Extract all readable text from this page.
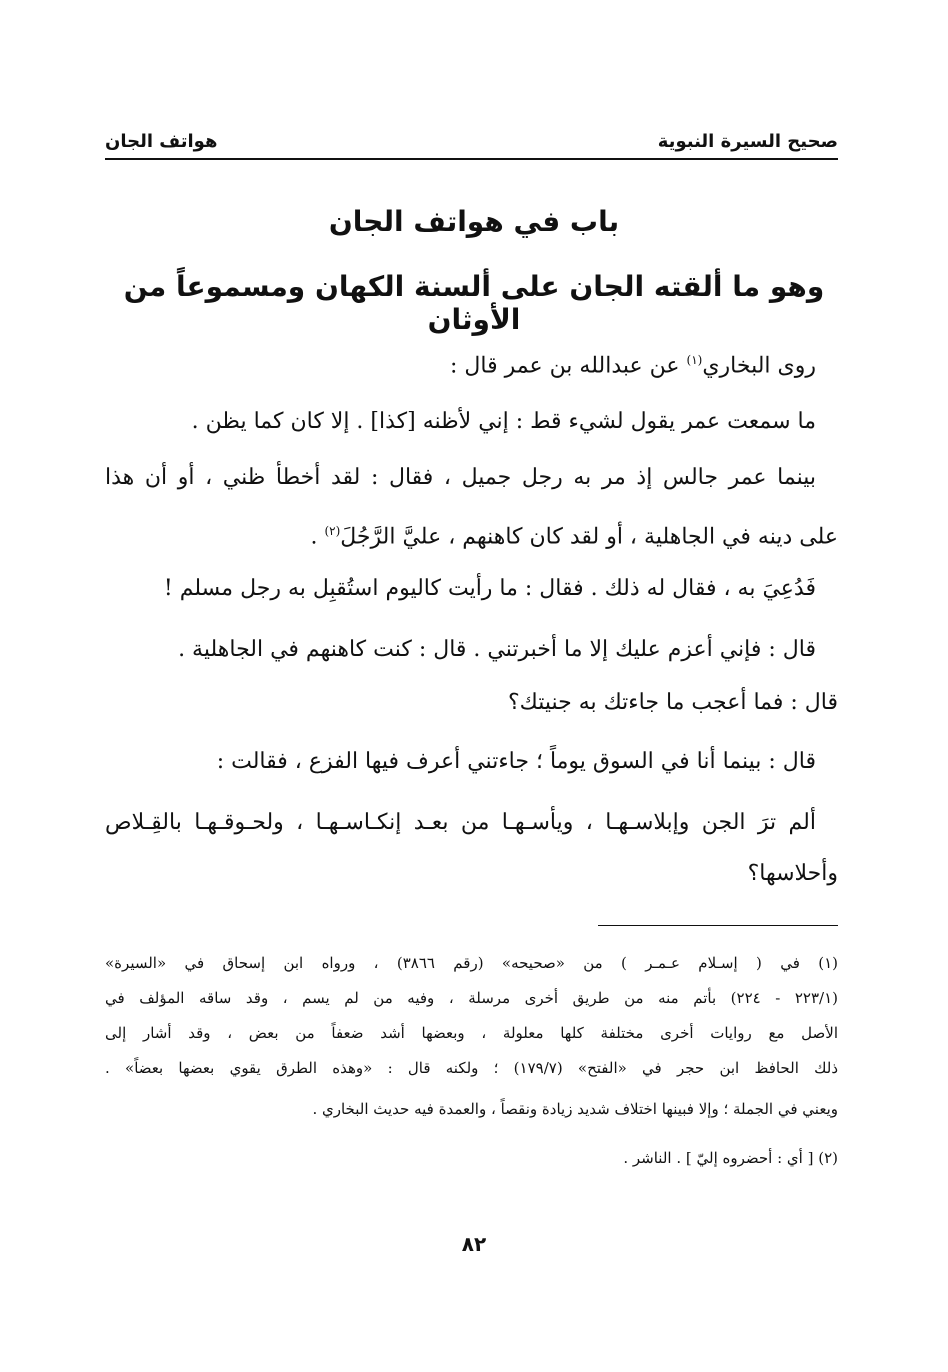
صحيح السيرة النبوية
هواتف الجان
باب في هواتف الجان
وهو ما ألقته الجان على ألسنة الكهان ومسموعاً من الأوثان
روى البخاري$^{(١)}$ عن عبدالله بن عمر قال :
ما سمعت عمر يقول لشيء قط : إني لأظنه [كذا] . إلا كان كما يظن .
بينما عمر جالس إذ مر به رجل جميل ، فقال : لقد أخطأ ظني ، أو أن هذا
على دينه في الجاهلية ، أو لقد كان كاهنهم ، عليَّ الرَّجُلَ$^{(٢)}$ .
فَدُعِيَ به ، فقال له ذلك . فقال : ما رأيت كاليوم استُقبِل به رجل مسلم !
قال : فإني أعزم عليك إلا ما أخبرتني . قال : كنت كاهنهم في الجاهلية .
قال : فما أعجب ما جاءتك به جنيتك؟
قال : بينما أنا في السوق يوماً ؛ جاءتني أعرف فيها الفزع ، فقالت :
ألم ترَ الجن وإبلاسـهـا ، ويأسـهـا من بعـد إنكـاسـهـا ، ولحـوقـهـا بالقِـلاص
وأحلاسها؟
(١) في ( إسـلام عـمـر ) من «صحيحه» (رقم ٣٨٦٦) ، ورواه ابن إسحاق في «السيرة»
(٢٢٣/١ - ٢٢٤) بأتم منه من طريق أخرى مرسلة ، وفيه من لم يسم ، وقد ساقه المؤلف في
الأصل مع روايات أخرى مختلفة كلها معلولة ، وبعضها أشد ضعفاً من بعض ، وقد أشار إلى
ذلك الحافظ ابن حجر في «الفتح» (١٧٩/٧) ؛ ولكنه قال : «وهذه الطرق يقوي بعضها بعضاً» .
ويعني في الجملة ؛ وإلا فبينها اختلاف شديد زيادة ونقصاً ، والعمدة فيه حديث البخاري .
(٢) [ أي : أحضروه إليّ ] . الناشر .
٨٢
